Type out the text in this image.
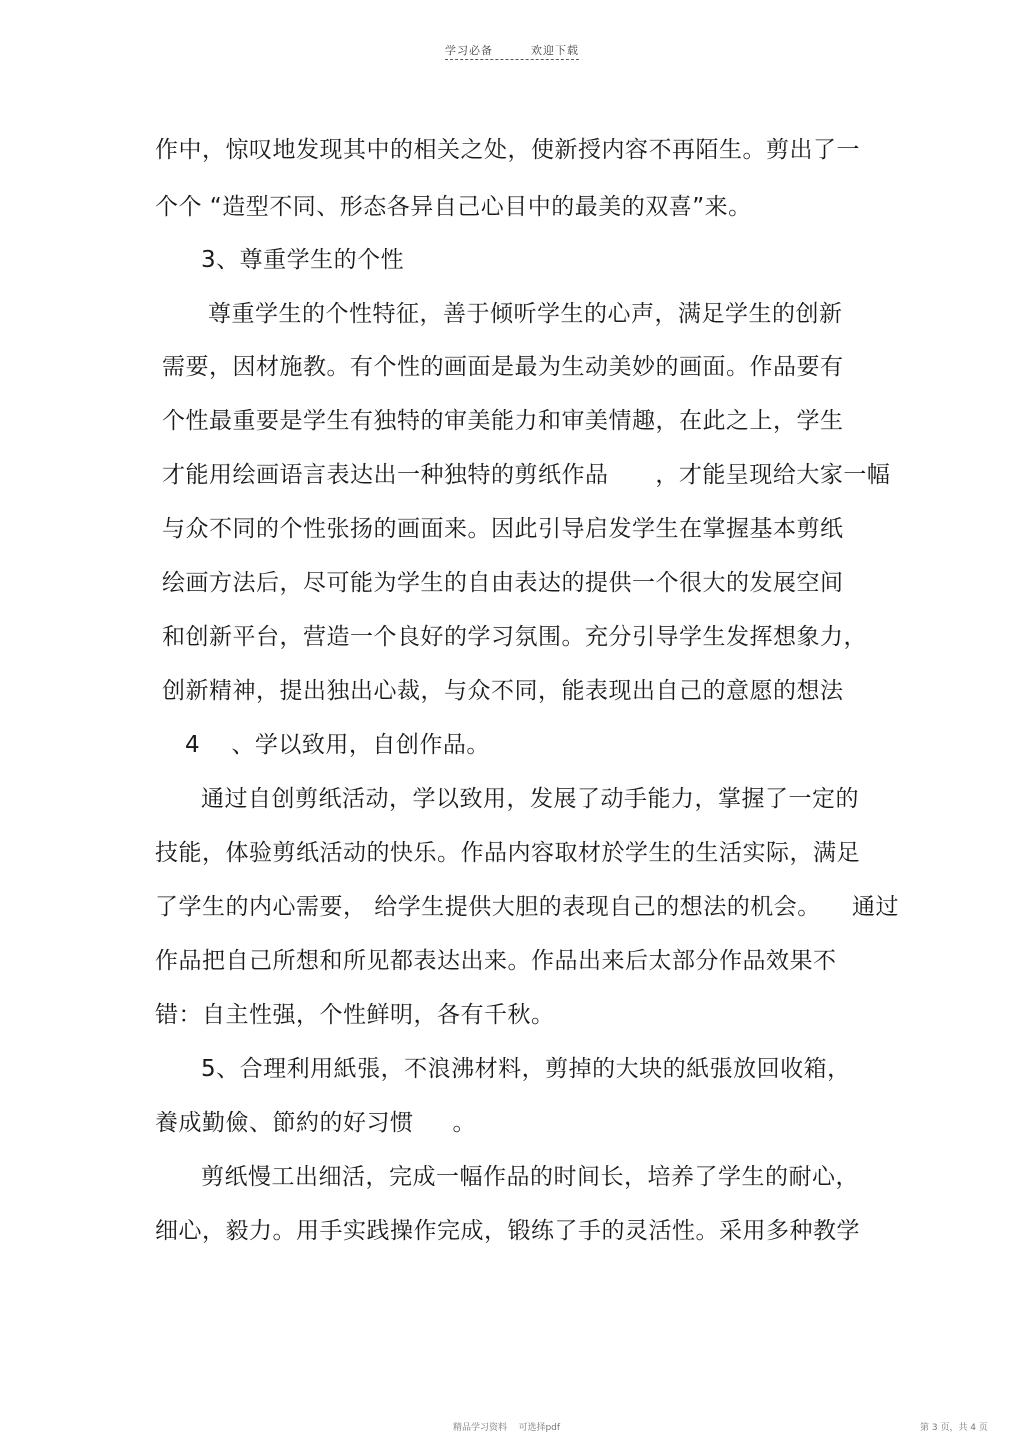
学习必备	欢迎下载
作中，惊叹地发现其中的相关之处，使新授内容不再陌生。剪出了一
个个 “造型不同、形态各异自己心目中的最美的双喜”来。
3、尊重学生的个性
尊重学生的个性特征，善于倾听学生的心声，满足学生的创新
需要，因材施教。有个性的画面是最为生动美妙的画面。作品要有
个性最重要是学生有独特的审美能力和审美情趣，在此之上，学生
才能用绘画语言表达出一种独特的剪纸作品      ，才能呈现给大家一幅
与众不同的个性张扬的画面来。因此引导启发学生在掌握基本剪纸
绘画方法后，尽可能为学生的自由表达的提供一个很大的发展空间
和创新平台，营造一个良好的学习氛围。充分引导学生发挥想象力，
创新精神，提出独出心裁，与众不同，能表现出自己的意愿的想法
4    、学以致用，自创作品。
通过自创剪纸活动，学以致用，发展了动手能力，掌握了一定的
技能，体验剪纸活动的快乐。作品内容取材於学生的生活实际，满足
了学生的内心需要， 给学生提供大胆的表现自己的想法的机会。    通过
作品把自己所想和所见都表达出来。作品出来后太部分作品效果不
错：自主性强，个性鲜明，各有千秋。
5、合理利用紙張，不浪沸材料，剪掉的大块的紙張放回收箱，
養成勤儉、節約的好习惯     。
剪纸慢工出细活，完成一幅作品的时间长，培养了学生的耐心，
细心，毅力。用手实践操作完成，锻练了手的灵活性。采用多种教学
精品学习资料    可选择pdf	第 3 页，共 4 页
